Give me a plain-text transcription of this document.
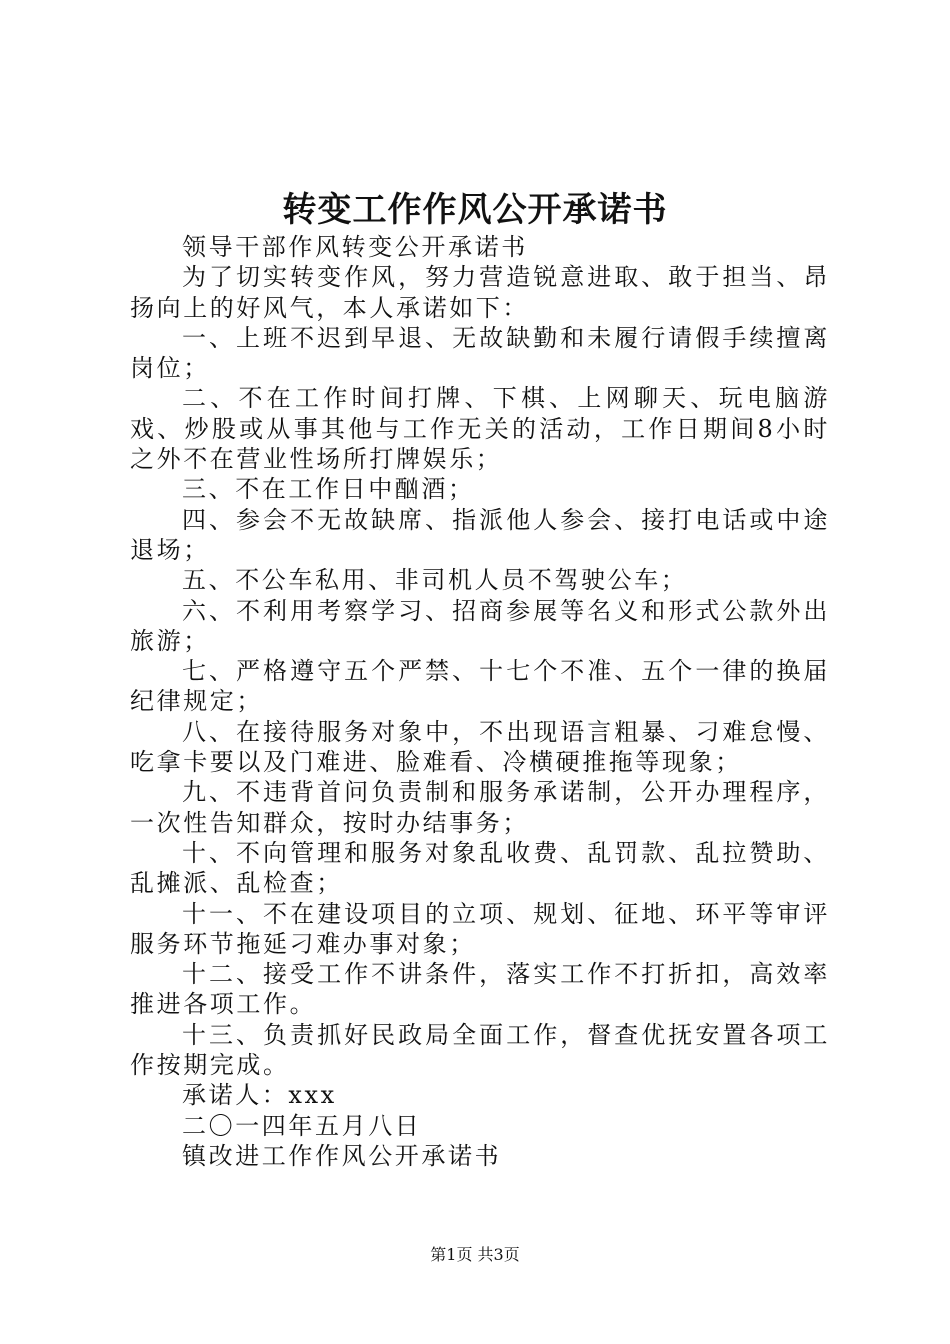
转变工作作风公开承诺书

领导干部作风转变公开承诺书

为了切实转变作风，努力营造锐意进取、敢于担当、昂扬向上的好风气，本人承诺如下：

一、上班不迟到早退、无故缺勤和未履行请假手续擅离岗位；

二、不在工作时间打牌、下棋、上网聊天、玩电脑游戏、炒股或从事其他与工作无关的活动，工作日期间8小时之外不在营业性场所打牌娱乐；

三、不在工作日中酗酒；

四、参会不无故缺席、指派他人参会、接打电话或中途退场；

五、不公车私用、非司机人员不驾驶公车；

六、不利用考察学习、招商参展等名义和形式公款外出旅游；

七、严格遵守五个严禁、十七个不准、五个一律的换届纪律规定；

八、在接待服务对象中，不出现语言粗暴、刁难怠慢、吃拿卡要以及门难进、脸难看、冷横硬推拖等现象；

九、不违背首问负责制和服务承诺制，公开办理程序，一次性告知群众，按时办结事务；

十、不向管理和服务对象乱收费、乱罚款、乱拉赞助、乱摊派、乱检查；

十一、不在建设项目的立项、规划、征地、环平等审评服务环节拖延刁难办事对象；

十二、接受工作不讲条件，落实工作不打折扣，高效率推进各项工作。

十三、负责抓好民政局全面工作，督查优抚安置各项工作按期完成。

承诺人：xxx

二〇一四年五月八日

镇改进工作作风公开承诺书

第1页 共3页
